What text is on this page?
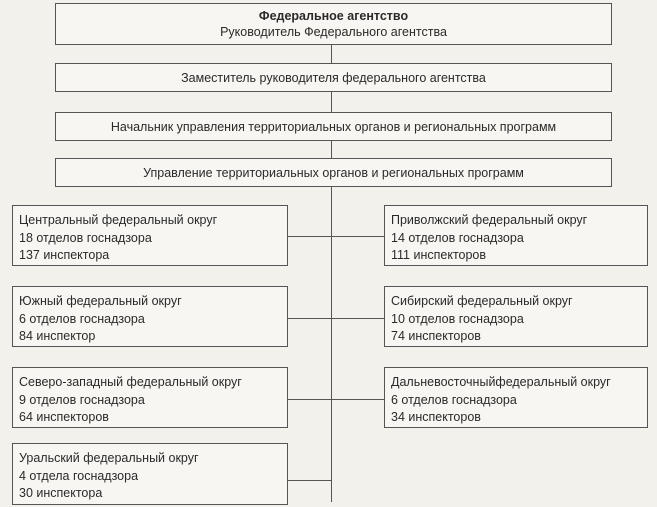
Федеральное агентство
Руководитель Федерального агентства
Заместитель руководителя федерального агентства
Начальник управления территориальных органов и региональных программ
Управление территориальных органов и региональных программ
Центральный федеральный округ
18 отделов госнадзора
137 инспектора
Южный федеральный округ
6 отделов госнадзора
84 инспектор
Северо-западный федеральный округ
9 отделов госнадзора
64 инспекторов
Уральский федеральный округ
4 отдела госнадзора
30 инспектора
Приволжский федеральный округ
14 отделов госнадзора
111 инспекторов
Сибирский федеральный округ
10 отделов госнадзора
74 инспекторов
Дальневосточныйфедеральный округ
6 отделов госнадзора
34 инспекторов
